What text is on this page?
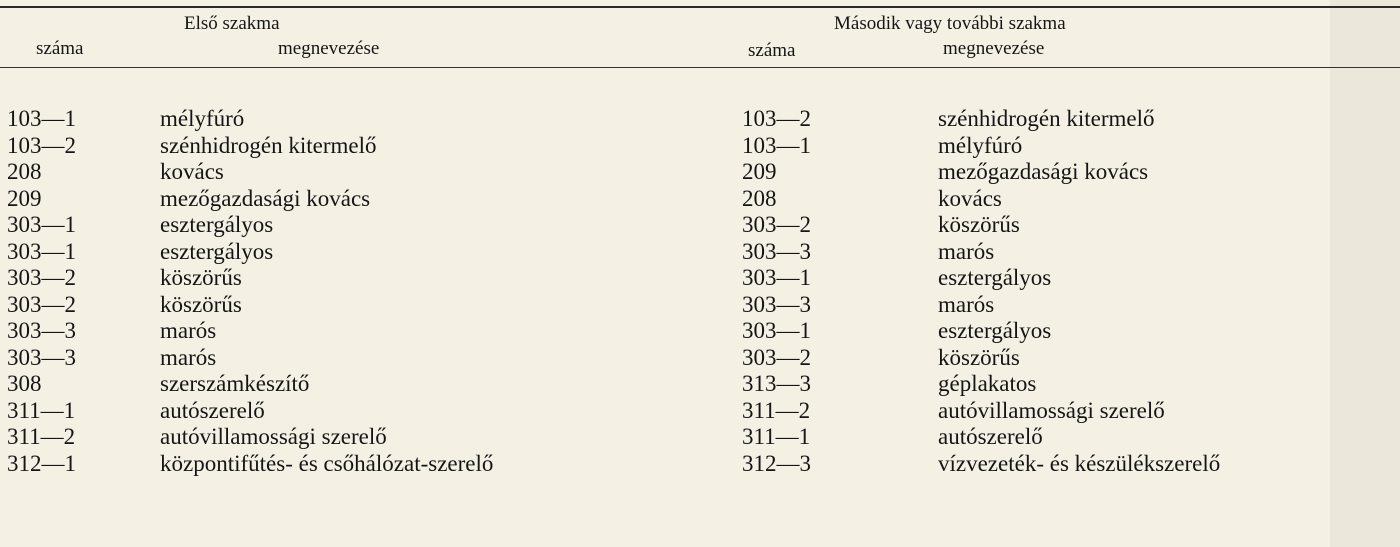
Első szakma
száma	megnevezése
Második vagy további szakma
száma	megnevezése
103—1	mélyfúró	103—2	szénhidrogén kitermelő
103—2	szénhidrogén kitermelő	103—1	mélyfúró
208	kovács	209	mezőgazdasági kovács
209	mezőgazdasági kovács	208	kovács
303—1	esztergályos	303—2	köszörűs
303—1	esztergályos	303—3	marós
303—2	köszörűs	303—1	esztergályos
303—2	köszörűs	303—3	marós
303—3	marós	303—1	esztergályos
303—3	marós	303—2	köszörűs
308	szerszámkészítő	313—3	géplakatos
311—1	autószerelő	311—2	autóvillamossági szerelő
311—2	autóvillamossági szerelő	311—1	autószerelő
312—1	központifűtés- és csőhálózat-szerelő	312—3	vízvezeték- és készülékszerelő
